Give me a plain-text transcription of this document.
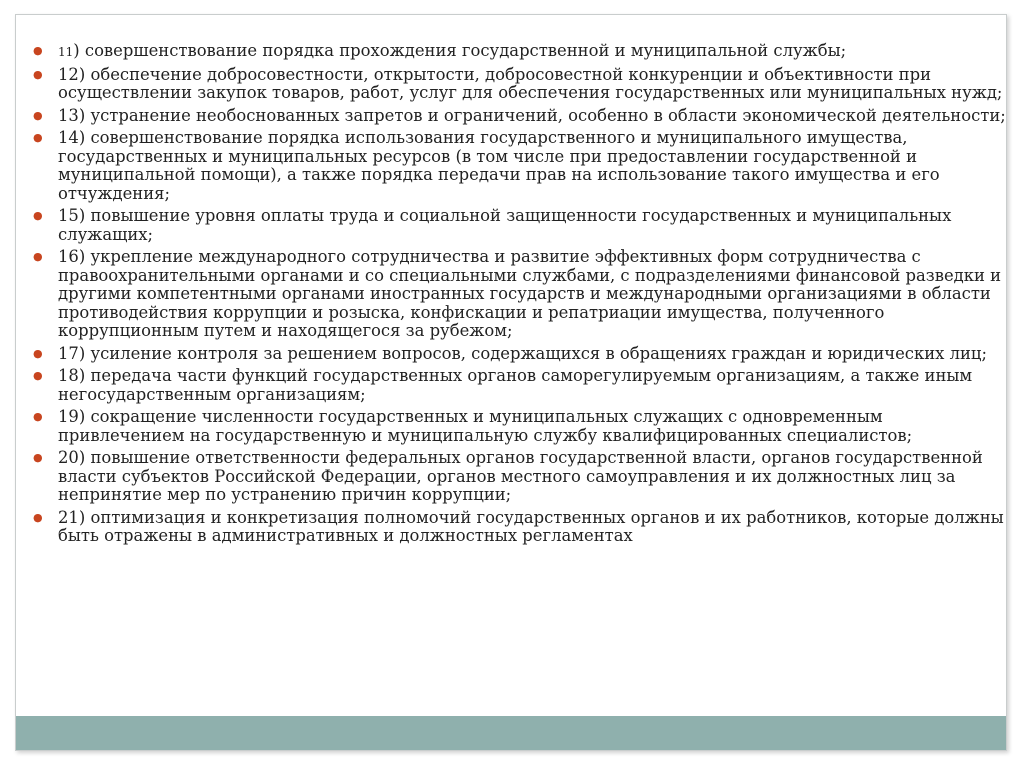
● 11) совершенствование порядка прохождения государственной и муниципальной службы;
● 12) обеспечение добросовестности, открытости, добросовестной конкуренции и объективности при осуществлении закупок товаров, работ, услуг для обеспечения государственных или муниципальных нужд;
● 13) устранение необоснованных запретов и ограничений, особенно в области экономической деятельности;
● 14) совершенствование порядка использования государственного и муниципального имущества, государственных и муниципальных ресурсов (в том числе при предоставлении государственной и муниципальной помощи), а также порядка передачи прав на использование такого имущества и его отчуждения;
● 15) повышение уровня оплаты труда и социальной защищенности государственных и муниципальных служащих;
● 16) укрепление международного сотрудничества и развитие эффективных форм сотрудничества с правоохранительными органами и со специальными службами, с подразделениями финансовой разведки и другими компетентными органами иностранных государств и международными организациями в области противодействия коррупции и розыска, конфискации и репатриации имущества, полученного коррупционным путем и находящегося за рубежом;
● 17) усиление контроля за решением вопросов, содержащихся в обращениях граждан и юридических лиц;
● 18) передача части функций государственных органов саморегулируемым организациям, а также иным негосударственным организациям;
● 19) сокращение численности государственных и муниципальных служащих с одновременным привлечением на государственную и муниципальную службу квалифицированных специалистов;
● 20) повышение ответственности федеральных органов государственной власти, органов государственной власти субъектов Российской Федерации, органов местного самоуправления и их должностных лиц за непринятие мер по устранению причин коррупции;
● 21) оптимизация и конкретизация полномочий государственных органов и их работников, которые должны быть отражены в административных и должностных регламентах
